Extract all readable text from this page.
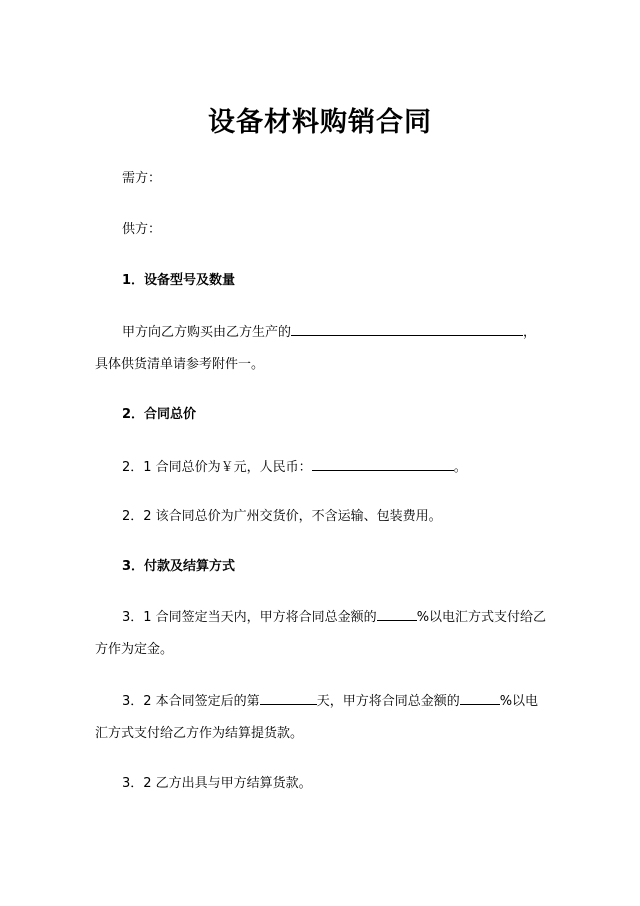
设备材料购销合同
需方：
供方：
1．设备型号及数量
甲方向乙方购买由乙方生产的	，
具体供货清单请参考附件一。
2．合同总价
2．1 合同总价为￥元，人民币：	。
2．2 该合同总价为广州交货价，不含运输、包装费用。
3．付款及结算方式
3．1 合同签定当天内，甲方将合同总金额的	%以电汇方式支付给乙
方作为定金。
3．2 本合同签定后的第	天，甲方将合同总金额的	%以电
汇方式支付给乙方作为结算提货款。
3．2 乙方出具与甲方结算货款。
